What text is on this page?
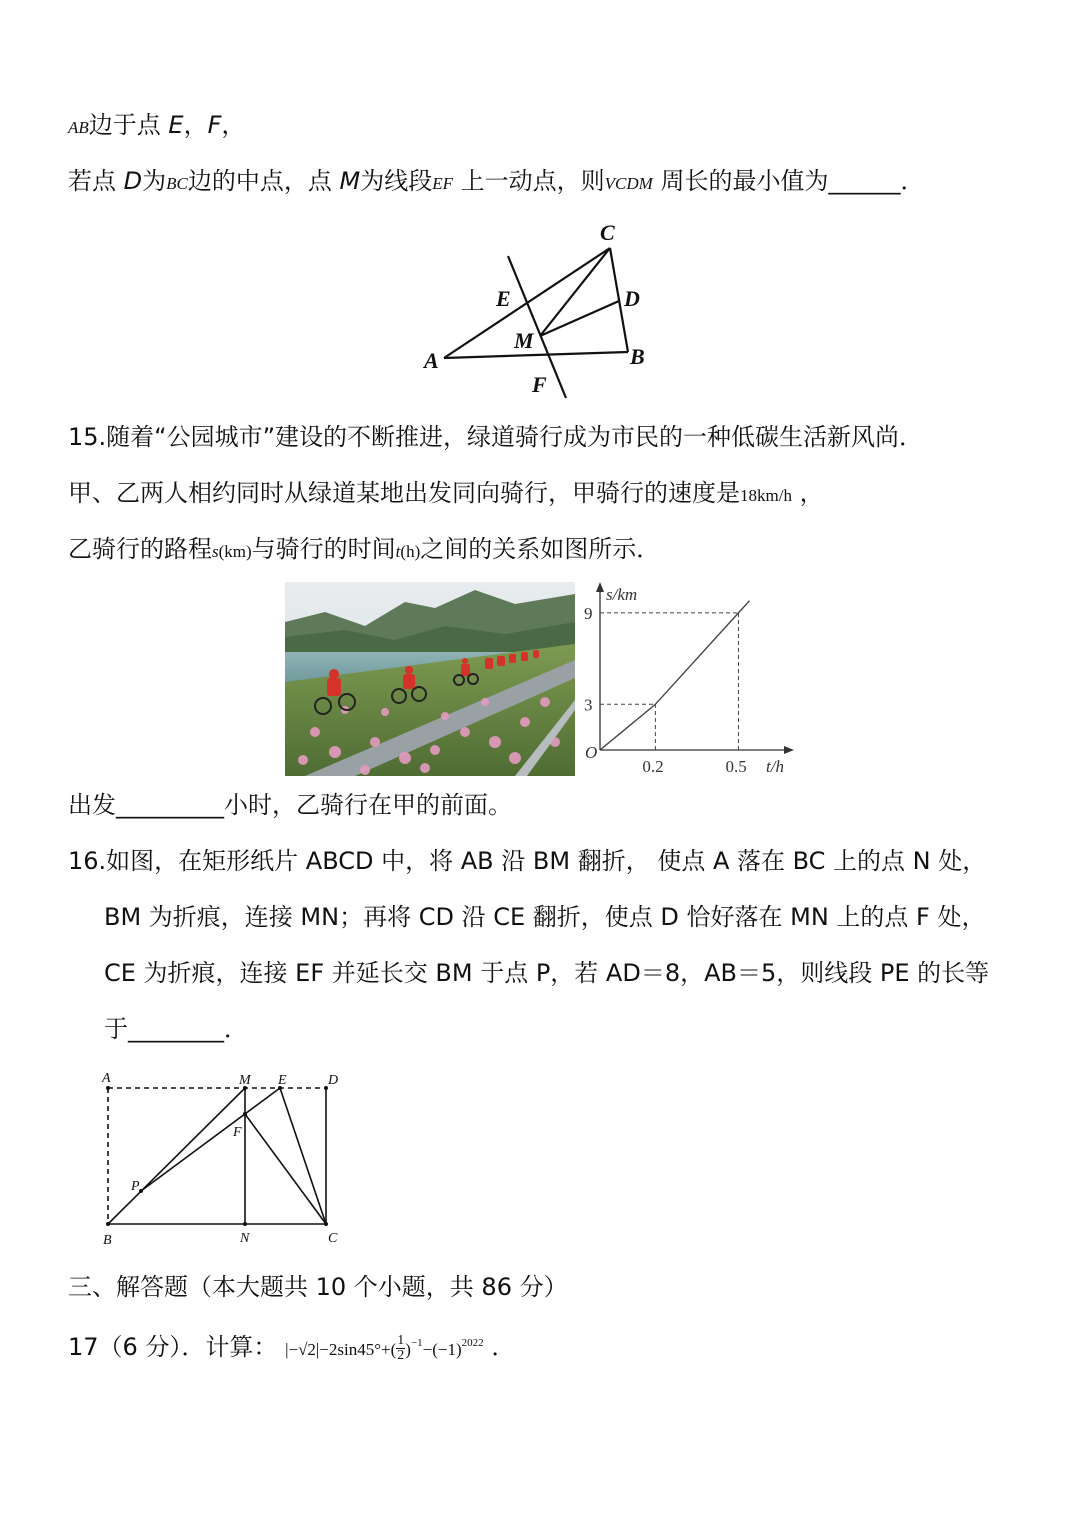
AB边于点 E，F，
若点 D为BC边的中点，点 M为线段EF 上一动点，则VCDM 周长的最小值为______．
A	B
C
D
E
F
M
15.随着“公园城市”建设的不断推进，绿道骑行成为市民的一种低碳生活新风尚．
甲、乙两人相约同时从绿道某地出发同向骑行，甲骑行的速度是18km/h ，
乙骑行的路程s(km)与骑行的时间t(h)之间的关系如图所示．
O
0.2	0.5
3
9
s/km
t/h
出发_________小时，乙骑行在甲的前面。
16.如图，在矩形纸片 ABCD 中，将 AB 沿 BM 翻折， 使点 A 落在 BC 上的点 N 处，
BM 为折痕，连接 MN；再将 CD 沿 CE 翻折，使点 D 恰好落在 MN 上的点 F 处，
CE 为折痕，连接 EF 并延长交 BM 于点 P，若 AD＝8，AB＝5，则线段 PE 的长等
于________．
A	M E	D
F
P
B	N	C
三、解答题（本大题共 10 个小题，共 86 分）
17（6 分）．计算： $|-√2|-2\sin 45^\circ+( \frac{1}{2} )^{-1}-(-1)^{2022}$ ．
